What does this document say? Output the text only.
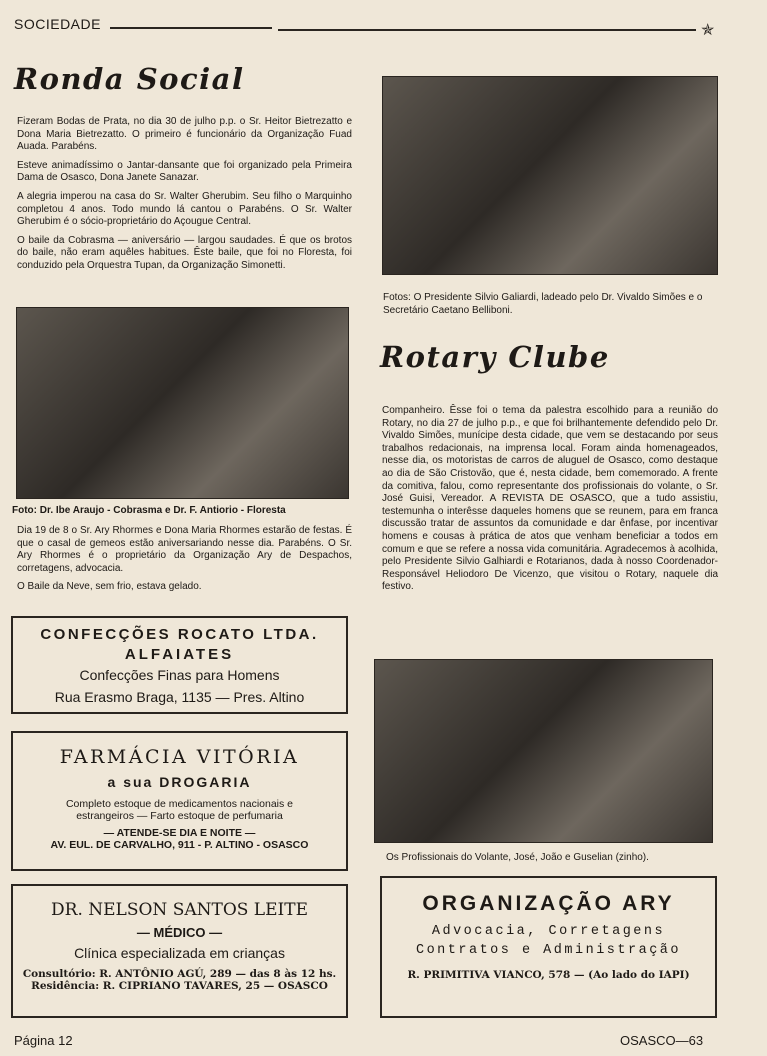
SOCIEDADE	✯
Ronda Social

Fizeram Bodas de Prata, no dia 30 de julho p.p. o Sr. Heitor Bietrezatto e Dona Maria Bietrezatto. O primeiro é funcionário da Organização Fuad Auada. Parabéns.

Esteve animadíssimo o Jantar-dansante que foi organizado pela Primeira Dama de Osasco, Dona Janete Sanazar.

A alegria imperou na casa do Sr. Walter Gherubim. Seu filho o Marquinho completou 4 anos. Todo mundo lá cantou o Parabéns. O Sr. Walter Gherubim é o sócio-proprietário do Açougue Central.

O baile da Cobrasma — aniversário — largou saudades. É que os brotos do baile, não eram aquêles habitues. Êste baile, que foi no Floresta, foi conduzido pela Orquestra Tupan, da Organização Simonetti.

Foto: Dr. Ibe Araujo - Cobrasma e Dr. F. Antiorio - Floresta

Dia 19 de 8 o Sr. Ary Rhormes e Dona Maria Rhormes estarão de festas. É que o casal de gemeos estão aniversariando nesse dia. Parabéns. O Sr. Ary Rhormes é o proprietário da Organização Ary de Despachos, corretagens, advocacia.

O Baile da Neve, sem frio, estava gelado.

CONFECÇÕES ROCATO LTDA.
ALFAIATES
Confecções Finas para Homens
Rua Erasmo Braga, 1135 — Pres. Altino
FARMÁCIA VITÓRIA
a sua DROGARIA
Completo estoque de medicamentos nacionais e
estrangeiros — Farto estoque de perfumaria
— ATENDE-SE DIA E NOITE —
AV. EUL. DE CARVALHO, 911 - P. ALTINO - OSASCO
DR. NELSON SANTOS LEITE
— MÉDICO —
Clínica especializada em crianças
Consultório: R. ANTÔNIO AGÚ, 289 — das 8 às 12 hs.
Residência: R. CIPRIANO TAVARES, 25 — OSASCO
Fotos: O Presidente Silvio Galiardi, ladeado pelo Dr. Vivaldo Simões e o Secretário Caetano Belliboni.
Rotary Clube

Companheiro. Êsse foi o tema da palestra escolhido para a reunião do Rotary, no dia 27 de julho p.p., e que foi brilhantemente defendido pelo Dr. Vivaldo Simões, munícipe desta cidade, que vem se destacando por seus trabalhos redacionais, na imprensa local. Foram ainda homenageados, nesse dia, os motoristas de carros de aluguel de Osasco, como destaque ao dia de São Cristovão, que é, nesta cidade, bem comemorado. A frente da comitiva, falou, como representante dos profissionais do volante, o Sr. José Guisi, Vereador. A REVISTA DE OSASCO, que a tudo assistiu, testemunha o interêsse daqueles homens que se reunem, para em franca discussão tratar de assuntos da comunidade e dar ênfase, por incentivar homens e cousas à prática de atos que venham beneficiar a todos em comum e que se refere a nossa vida comunitária. Agradecemos à acolhida, pelo Presidente Silvio Galhiardi e Rotarianos, dada à nosso Coordenador-Responsável Heliodoro De Vicenzo, que visitou o Rotary, naquele dia festivo.

Os Profissionais do Volante, José, João e Guselian (zinho).
ORGANIZAÇÃO ARY
Advocacia, Corretagens
Contratos e Administração
R. PRIMITIVA VIANCO, 578 — (Ao lado do IAPI)
Página 12	OSASCO—63
